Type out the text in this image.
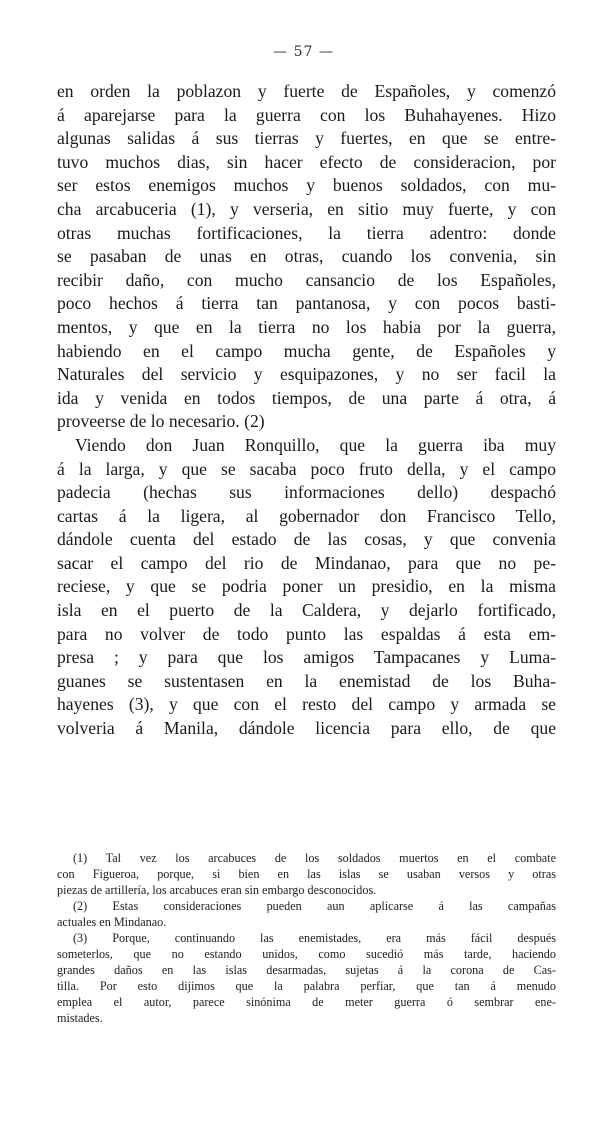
— 57 —
en orden la poblazon y fuerte de Españoles, y comenzó
á aparejarse para la guerra con los Buhahayenes. Hizo
algunas salidas á sus tierras y fuertes, en que se entre-
tuvo muchos dias, sin hacer efecto de consideracion, por
ser estos enemigos muchos y buenos soldados, con mu-
cha arcabuceria (1), y verseria, en sitio muy fuerte, y con
otras muchas fortificaciones, la tierra adentro: donde
se pasaban de unas en otras, cuando los convenia, sin
recibir daño, con mucho cansancio de los Españoles,
poco hechos á tierra tan pantanosa, y con pocos basti-
mentos, y que en la tierra no los habia por la guerra,
habiendo en el campo mucha gente, de Españoles y
Naturales del servicio y esquipazones, y no ser facil la
ida y venida en todos tiempos, de una parte á otra, á
proveerse de lo necesario. (2)
Viendo don Juan Ronquillo, que la guerra iba muy
á la larga, y que se sacaba poco fruto della, y el campo
padecia (hechas sus informaciones dello) despachó
cartas á la ligera, al gobernador don Francisco Tello,
dándole cuenta del estado de las cosas, y que convenia
sacar el campo del rio de Mindanao, para que no pe-
reciese, y que se podria poner un presidio, en la misma
isla en el puerto de la Caldera, y dejarlo fortificado,
para no volver de todo punto las espaldas á esta em-
presa ; y para que los amigos Tampacanes y Luma-
guanes se sustentasen en la enemistad de los Buha-
hayenes (3), y que con el resto del campo y armada se
volveria á Manila, dándole licencia para ello, de que
(1) Tal vez los arcabuces de los soldados muertos en el combate
con Figueroa, porque, si bien en las islas se usaban versos y otras
piezas de artillería, los arcabuces eran sin embargo desconocidos.
(2) Estas consideraciones pueden aun aplicarse á las campañas
actuales en Mindanao.
(3) Porque, continuando las enemistades, era más fácil después
someterlos, que no estando unidos, como sucedió más tarde, haciendo
grandes daños en las islas desarmadas, sujetas á la corona de Cas-
tilla. Por esto dijimos que la palabra perfiar, que tan á menudo
emplea el autor, parece sinónima de meter guerra ó sembrar ene-
mistades.
